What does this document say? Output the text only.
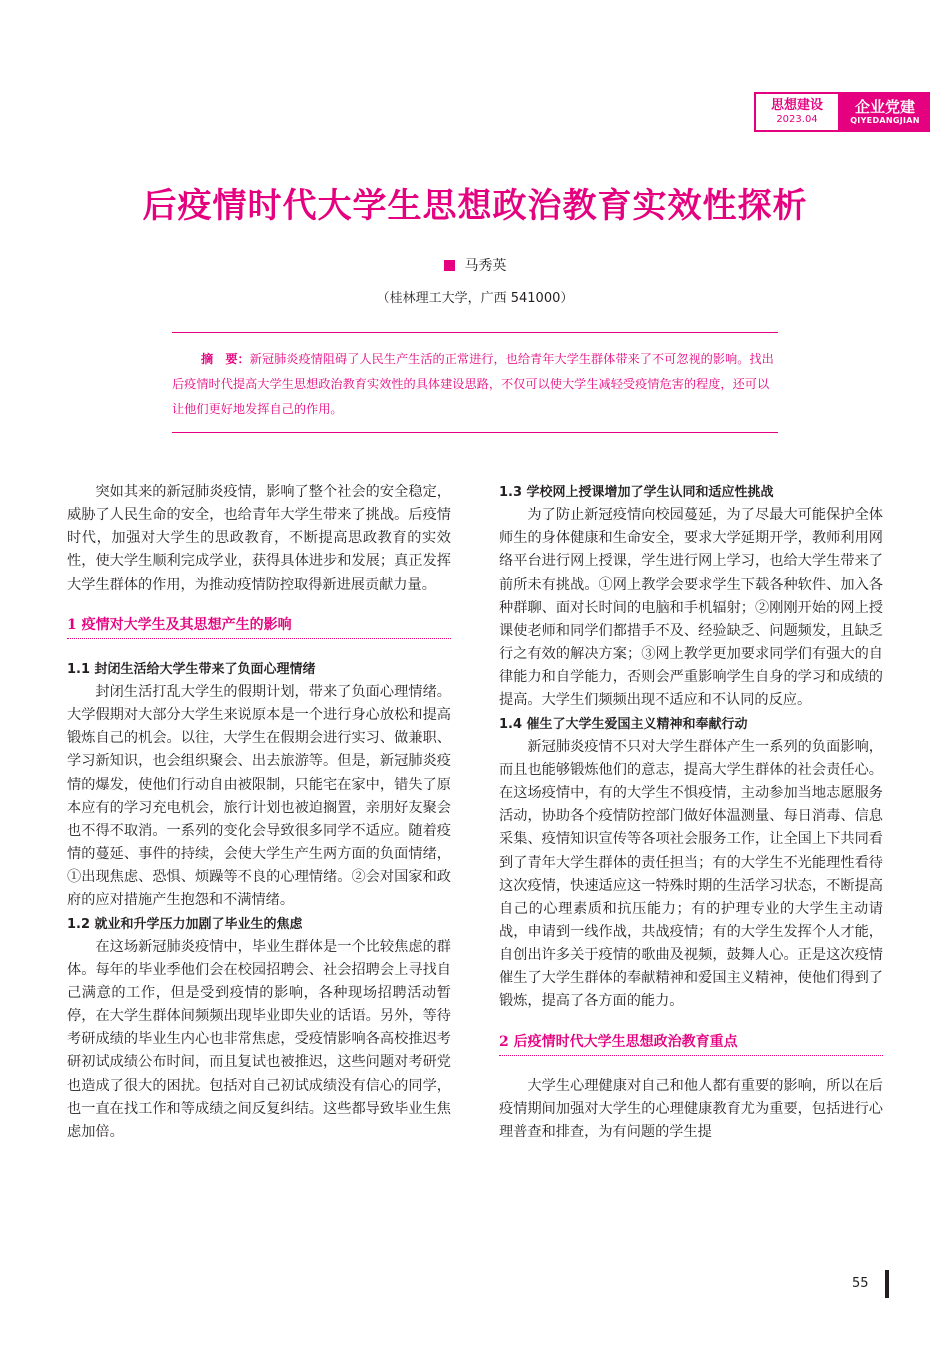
思想建设
2023.04
企业党建
QIYEDANGJIAN
后疫情时代大学生思想政治教育实效性探析
马秀英
（桂林理工大学，广西 541000）

摘　要：新冠肺炎疫情阻碍了人民生产生活的正常进行，也给青年大学生群体带来了不可忽视的影响。找出后疫情时代提高大学生思想政治教育实效性的具体建设思路，不仅可以使大学生减轻受疫情危害的程度，还可以让他们更好地发挥自己的作用。

突如其来的新冠肺炎疫情，影响了整个社会的安全稳定，威胁了人民生命的安全，也给青年大学生带来了挑战。后疫情时代，加强对大学生的思政教育，不断提高思政教育的实效性，使大学生顺利完成学业，获得具体进步和发展；真正发挥大学生群体的作用，为推动疫情防控取得新进展贡献力量。

1 疫情对大学生及其思想产生的影响
1.1 封闭生活给大学生带来了负面心理情绪

封闭生活打乱大学生的假期计划，带来了负面心理情绪。大学假期对大部分大学生来说原本是一个进行身心放松和提高锻炼自己的机会。以往，大学生在假期会进行实习、做兼职、学习新知识，也会组织聚会、出去旅游等。但是，新冠肺炎疫情的爆发，使他们行动自由被限制，只能宅在家中，错失了原本应有的学习充电机会，旅行计划也被迫搁置，亲朋好友聚会也不得不取消。一系列的变化会导致很多同学不适应。随着疫情的蔓延、事件的持续，会使大学生产生两方面的负面情绪，①出现焦虑、恐惧、烦躁等不良的心理情绪。②会对国家和政府的应对措施产生抱怨和不满情绪。

1.2 就业和升学压力加剧了毕业生的焦虑

在这场新冠肺炎疫情中，毕业生群体是一个比较焦虑的群体。每年的毕业季他们会在校园招聘会、社会招聘会上寻找自己满意的工作，但是受到疫情的影响，各种现场招聘活动暂停，在大学生群体间频频出现毕业即失业的话语。另外，等待考研成绩的毕业生内心也非常焦虑，受疫情影响各高校推迟考研初试成绩公布时间，而且复试也被推迟，这些问题对考研党也造成了很大的困扰。包括对自己初试成绩没有信心的同学，也一直在找工作和等成绩之间反复纠结。这些都导致毕业生焦虑加倍。

1.3 学校网上授课增加了学生认同和适应性挑战

为了防止新冠疫情向校园蔓延，为了尽最大可能保护全体师生的身体健康和生命安全，要求大学延期开学，教师利用网络平台进行网上授课，学生进行网上学习，也给大学生带来了前所未有挑战。①网上教学会要求学生下载各种软件、加入各种群聊、面对长时间的电脑和手机辐射；②刚刚开始的网上授课使老师和同学们都措手不及、经验缺乏、问题频发，且缺乏行之有效的解决方案；③网上教学更加要求同学们有强大的自律能力和自学能力，否则会严重影响学生自身的学习和成绩的提高。大学生们频频出现不适应和不认同的反应。

1.4 催生了大学生爱国主义精神和奉献行动

新冠肺炎疫情不只对大学生群体产生一系列的负面影响，而且也能够锻炼他们的意志，提高大学生群体的社会责任心。在这场疫情中，有的大学生不惧疫情，主动参加当地志愿服务活动，协助各个疫情防控部门做好体温测量、每日消毒、信息采集、疫情知识宣传等各项社会服务工作，让全国上下共同看到了青年大学生群体的责任担当；有的大学生不光能理性看待这次疫情，快速适应这一特殊时期的生活学习状态，不断提高自己的心理素质和抗压能力；有的护理专业的大学生主动请战，申请到一线作战，共战疫情；有的大学生发挥个人才能，自创出许多关于疫情的歌曲及视频，鼓舞人心。正是这次疫情催生了大学生群体的奉献精神和爱国主义精神，使他们得到了锻炼，提高了各方面的能力。

2 后疫情时代大学生思想政治教育重点

大学生心理健康对自己和他人都有重要的影响，所以在后疫情期间加强对大学生的心理健康教育尤为重要，包括进行心理普查和排查，为有问题的学生提

55
